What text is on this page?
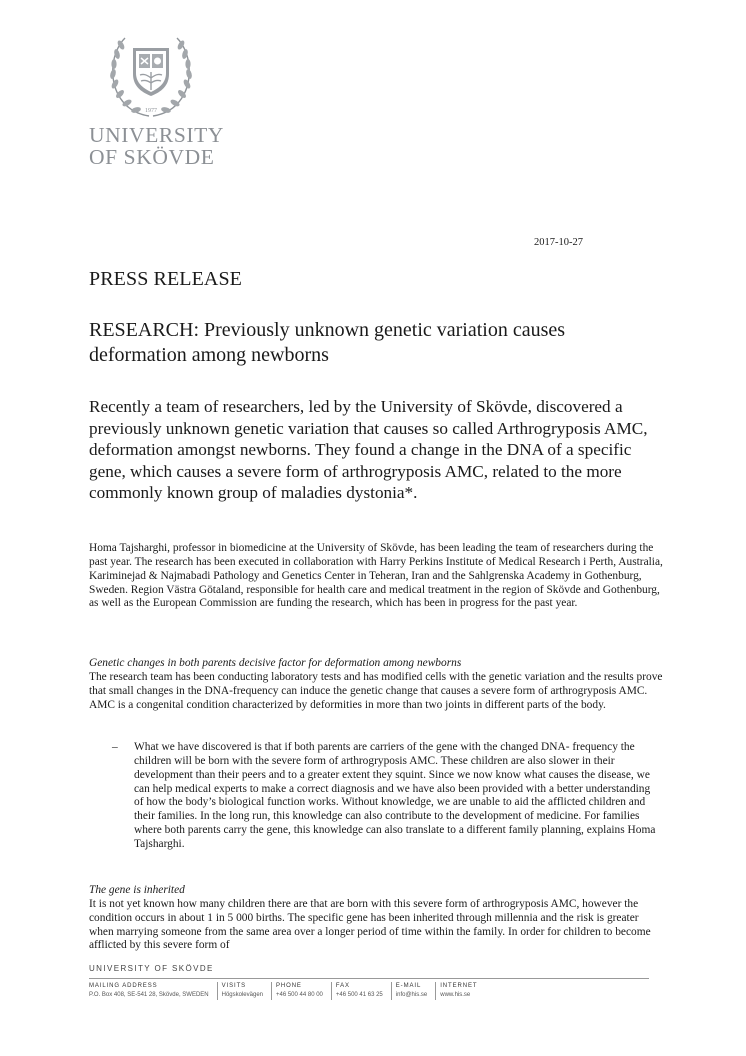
1977
UNIVERSITY
OF SKÖVDE
2017-10-27
PRESS RELEASE
RESEARCH: Previously unknown genetic variation causes deformation among newborns
Recently a team of researchers, led by the University of Skövde, discovered a previously unknown genetic variation that causes so called Arthrogryposis AMC, deformation amongst newborns. They found a change in the DNA of a specific gene, which causes a severe form of arthrogryposis AMC, related to the more commonly known group of maladies dystonia*.
Homa Tajsharghi, professor in biomedicine at the University of Skövde, has been leading the team of researchers during the past year. The research has been executed in collaboration with Harry Perkins Institute of Medical Research i Perth, Australia, Kariminejad & Najmabadi Pathology and Genetics Center in Teheran, Iran and the Sahlgrenska Academy in Gothenburg, Sweden. Region Västra Götaland, responsible for health care and medical treatment in the region of Skövde and Gothenburg, as well as the European Commission are funding the research, which has been in progress for the past year.
Genetic changes in both parents decisive factor for deformation among newborns
The research team has been conducting laboratory tests and has modified cells with the genetic variation and the results prove that small changes in the DNA-frequency can induce the genetic change that causes a severe form of arthrogryposis AMC. AMC is a congenital condition characterized by deformities in more than two joints in different parts of the body.
– What we have discovered is that if both parents are carriers of the gene with the changed DNA- frequency the children will be born with the severe form of arthrogryposis AMC. These children are also slower in their development than their peers and to a greater extent they squint. Since we now know what causes the disease, we can help medical experts to make a correct diagnosis and we have also been provided with a better understanding of how the body’s biological function works. Without knowledge, we are unable to aid the afflicted children and their families. In the long run, this knowledge can also contribute to the development of medicine. For families where both parents carry the gene, this knowledge can also translate to a different family planning, explains Homa Tajsharghi.
The gene is inherited
It is not yet known how many children there are that are born with this severe form of arthrogryposis AMC, however the condition occurs in about 1 in 5 000 births. The specific gene has been inherited through millennia and the risk is greater when marrying someone from the same area over a longer period of time within the family. In order for children to become afflicted by this severe form of
UNIVERSITY OF SKÖVDE
MAILING ADDRESS
P.O. Box 408, SE-541 28, Skövde, SWEDEN
VISITS
Högskolevägen
PHONE
+46 500 44 80 00
FAX
+46 500 41 63 25
E-MAIL
info@his.se
INTERNET
www.his.se
